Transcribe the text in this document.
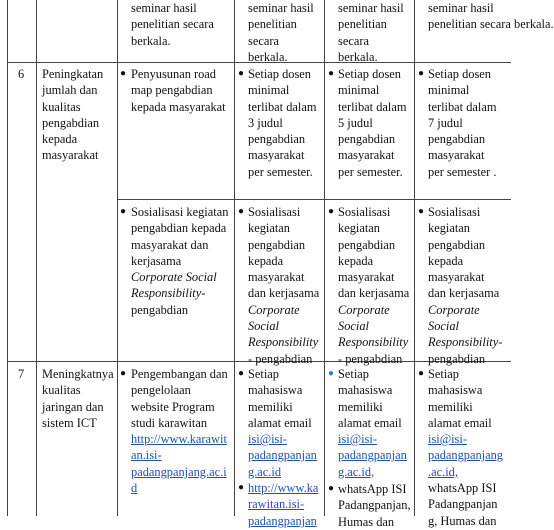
seminar hasil
penelitian secara
berkala.
seminar hasil
penelitian
secara
berkala.
seminar hasil
penelitian
secara
berkala.
seminar hasil
penelitian secara berkala.
6 Peningkatan
jumlah dan
kualitas
pengabdian
kepada
masyarakat
● Penyusunan road
map pengabdian
kepada masyarakat
● Setiap dosen
minimal
terlibat dalam
3 judul
pengabdian
masyarakat
per semester.
● Setiap dosen
minimal
terlibat dalam
5 judul
pengabdian
masyarakat
per semester.
● Setiap dosen
minimal
terlibat dalam
7 judul
pengabdian
masyarakat
per semester .
● Sosialisasi kegiatan
pengabdian kepada
masyarakat dan
kerjasama
Corporate Social
Responsibility-
pengabdian
● Sosialisasi
kegiatan
pengabdian
kepada
masyarakat
dan kerjasama
Corporate
Social
Responsibility
- pengabdian
● Sosialisasi
kegiatan
pengabdian
kepada
masyarakat
dan kerjasama
Corporate
Social
Responsibility
- pengabdian
● Sosialisasi
kegiatan
pengabdian
kepada
masyarakat
dan kerjasama
Corporate
Social
Responsibility-
pengabdian
7 Meningkatnya
kualitas
jaringan dan
sistem ICT
● Pengembangan dan
pengelolaan
website Program
studi karawitan
http://www.karawit
an.isi-
padangpanjang.ac.i
d
● Setiap
mahasiswa
memiliki
alamat email
isi@isi-
padangpanjan
g.ac.id
● http://www.ka
rawitan.isi-
padangpanjan
● Setiap
mahasiswa
memiliki
alamat email
isi@isi-
padangpanjan
g.ac.id,
● whatsApp ISI
Padangpanjan,
Humas dan
● Setiap
mahasiswa
memiliki
alamat email
isi@isi-
padangpanjang
.ac.id,
whatsApp ISI
Padangpanjan
g, Humas dan
